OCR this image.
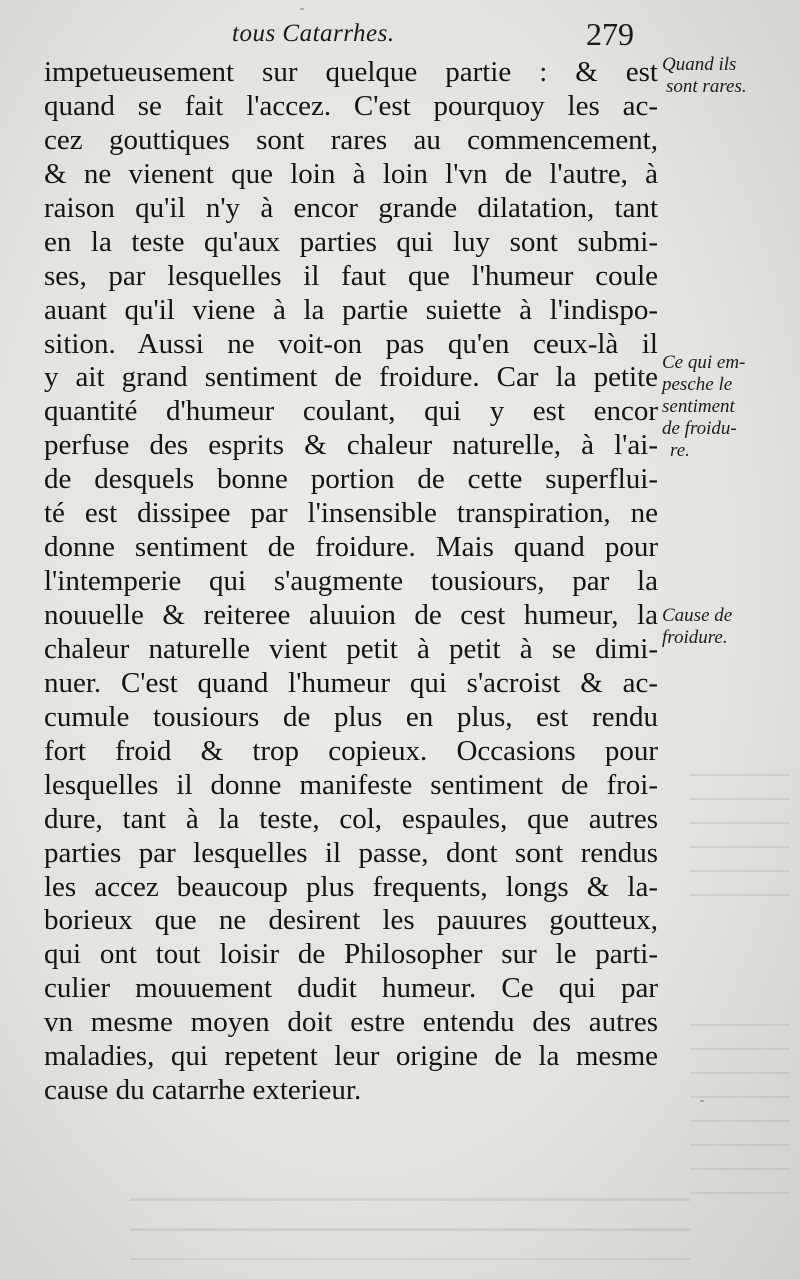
tous Catarrhes.	279
impetueusement sur quelque partie : & est
quand se fait l'accez. C'est pourquoy les ac-
cez gouttiques sont rares au commencement,
& ne vienent que loin à loin l'vn de l'autre, à
raison qu'il n'y à encor grande dilatation, tant
en la teste qu'aux parties qui luy sont submi-
ses, par lesquelles il faut que l'humeur coule
auant qu'il viene à la partie suiette à l'indispo-
sition. Aussi ne voit-on pas qu'en ceux-là il
y ait grand sentiment de froidure. Car la petite
quantité d'humeur coulant, qui y est encor
perfuse des esprits & chaleur naturelle, à l'ai-
de desquels bonne portion de cette superflui-
té est dissipee par l'insensible transpiration, ne
donne sentiment de froidure. Mais quand pour
l'intemperie qui s'augmente tousiours, par la
nouuelle & reiteree aluuion de cest humeur, la
chaleur naturelle vient petit à petit à se dimi-
nuer. C'est quand l'humeur qui s'acroist & ac-
cumule tousiours de plus en plus, est rendu
fort froid & trop copieux. Occasions pour
lesquelles il donne manifeste sentiment de froi-
dure, tant à la teste, col, espaules, que autres
parties par lesquelles il passe, dont sont rendus
les accez beaucoup plus frequents, longs & la-
borieux que ne desirent les pauures goutteux,
qui ont tout loisir de Philosopher sur le parti-
culier mouuement dudit humeur. Ce qui par
vn mesme moyen doit estre entendu des autres
maladies, qui repetent leur origine de la mesme
cause du catarrhe exterieur.
Quand ils
sont rares.
Ce qui em-
pesche le
sentiment
de froidu-
re.
Cause de
froidure.
